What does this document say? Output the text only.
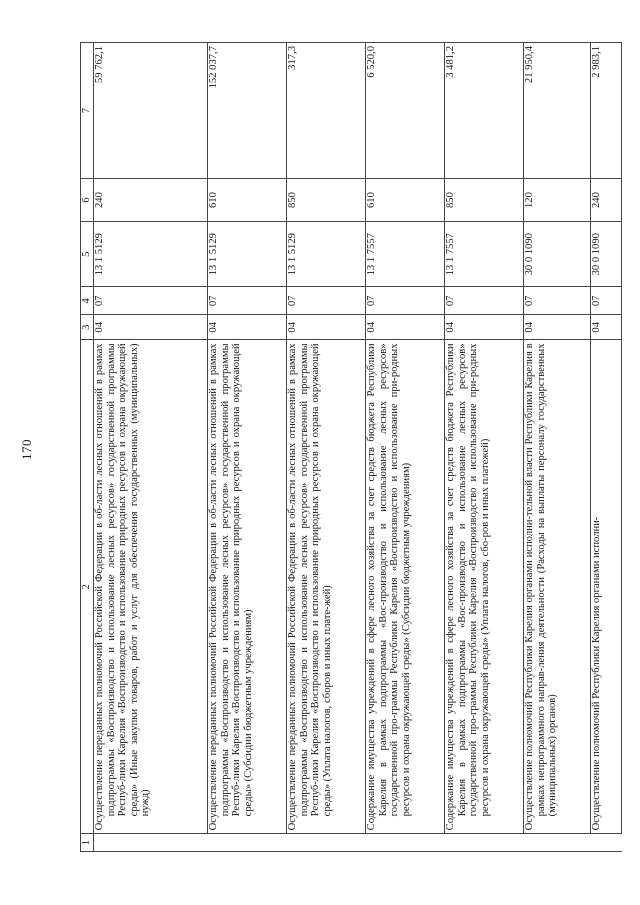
170
1	2	3	4	5	6	7
	Осуществление переданных полномочий Российской Федерации в об-ласти лесных отношений в рамках подпрограммы «Воспроизводство и использование лесных ресурсов» государственной программы Респуб-лики Карелия «Воспроизводство и использование природных ресурсов и охрана окружающей среды» (Иные закупки товаров, работ и услуг для обеспечения государственных (муниципальных) нужд)	04	07	13 1 5129	240	59 762,1
	Осуществление переданных полномочий Российской Федерации в об-ласти лесных отношений в рамках подпрограммы «Воспроизводство и использование лесных ресурсов» государственной программы Респуб-лики Карелия «Воспроизводство и использование природных ресурсов и охрана окружающей среды» (Субсидии бюджетным учреждениям)	04	07	13 1 5129	610	152 037,7
	Осуществление переданных полномочий Российской Федерации в об-ласти лесных отношений в рамках подпрограммы «Воспроизводство и использование лесных ресурсов» государственной программы Респуб-лики Карелия «Воспроизводство и использование природных ресурсов и охрана окружающей среды» (Уплата налогов, сборов и иных плате-жей)	04	07	13 1 5129	850	317,3
	Содержание имущества учреждений в сфере лесного хозяйства за счет средств бюджета Республики Карелия в рамках подпрограммы «Вос-производство и использование лесных ресурсов» государственной про-граммы Республики Карелия «Воспроизводство и использование при-родных ресурсов и охрана окружающей среды» (Субсидии бюджетным учреждениям)	04	07	13 1 7557	610	6 520,0
	Содержание имущества учреждений в сфере лесного хозяйства за счет средств бюджета Республики Карелия в рамках подпрограммы «Вос-производство и использование лесных ресурсов» государственной про-граммы Республики Карелия «Воспроизводство и использование при-родных ресурсов и охрана окружающей среды» (Уплата налогов, сбо-ров и иных платежей)	04	07	13 1 7557	850	3 481,2
	Осуществление полномочий Республики Карелия органами исполни-тельной власти Республики Карелия в рамках непрограммного направ-ления деятельности (Расходы на выплаты персоналу государственных (муниципальных) органов)	04	07	30 0 1090	120	21 950,4
	Осуществление полномочий Республики Карелия органами исполни-	04	07	30 0 1090	240	2 983,1
